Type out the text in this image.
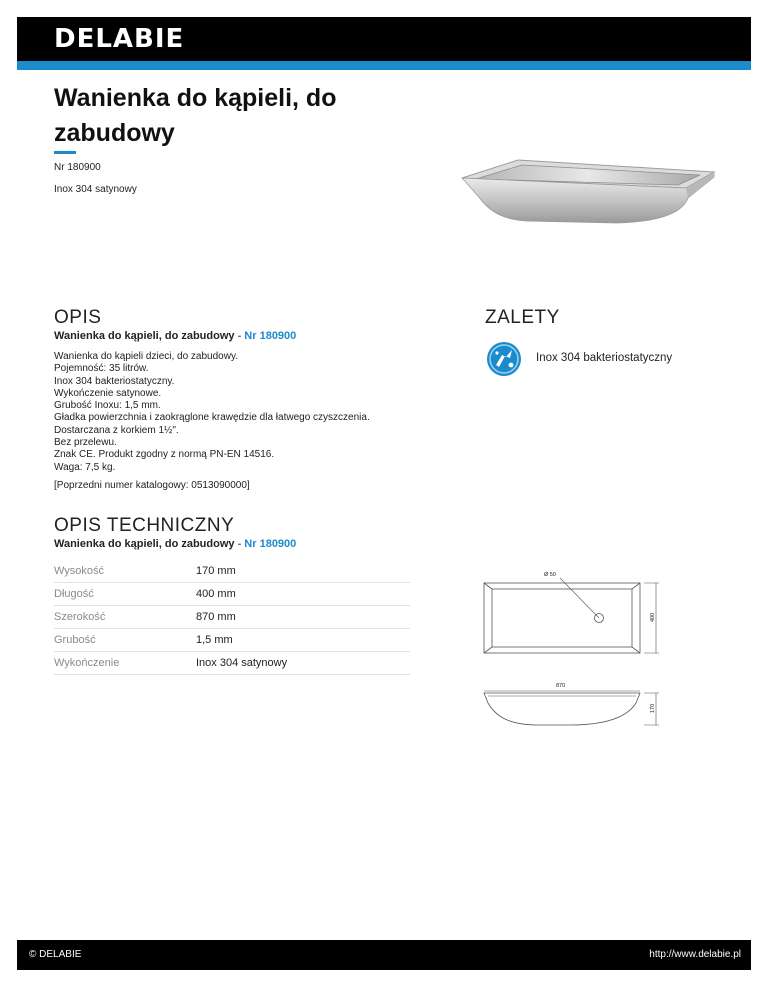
DELABIE
Wanienka do kąpieli, do zabudowy
Nr 180900
Inox 304 satynowy
OPIS
Wanienka do kąpieli, do zabudowy - Nr 180900
Wanienka do kąpieli dzieci, do zabudowy.
Pojemność: 35 litrów.
Inox 304 bakteriostatyczny.
Wykończenie satynowe.
Grubość Inoxu: 1,5 mm.
Gładka powierzchnia i zaokrąglone krawędzie dla łatwego czyszczenia.
Dostarczana z korkiem 1½".
Bez przelewu.
Znak CE. Produkt zgodny z normą PN-EN 14516.
Waga: 7,5 kg.
[Poprzedni numer katalogowy: 0513090000]
ZALETY
Inox 304 bakteriostatyczny
OPIS TECHNICZNY
Wanienka do kąpieli, do zabudowy - Nr 180900
Wysokość	170 mm
Długość	400 mm
Szerokość	870 mm
Grubość	1,5 mm
Wykończenie	Inox 304 satynowy
Ø 50
400
870
170
© DELABIE	http://www.delabie.pl
